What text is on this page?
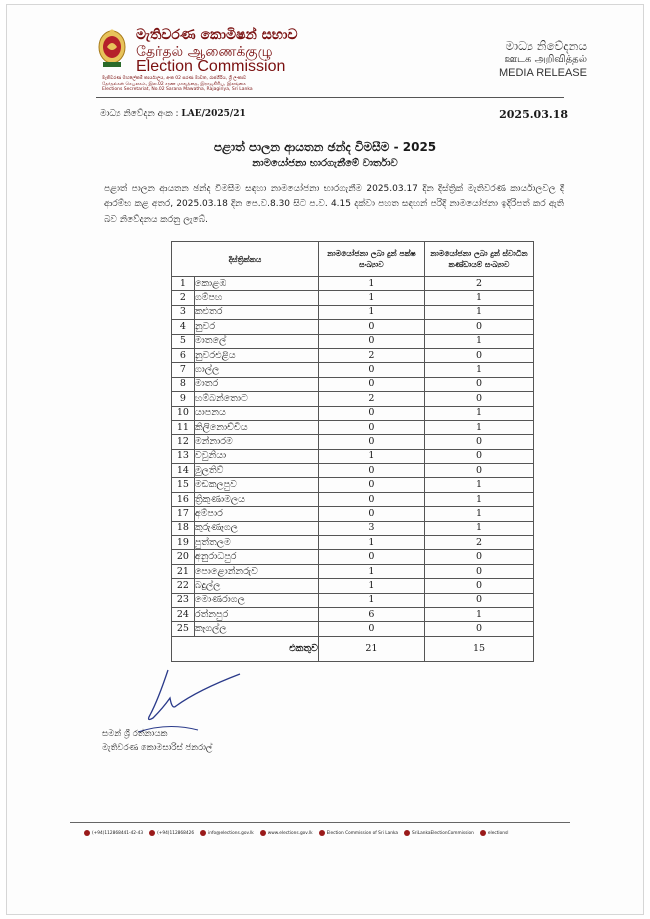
මැතිවරණ කොමිෂන් සභාව
தேர்தல் ஆணைக்குழு
Election Commission
මැතිවරණ මහලේකම් කාර්යාලය, අංක 02 සරණ මාවත, රාජගිරිය, ශ්‍රී ලංකාව
தேர்தல்கள் செயலகம், இல.02 சரண மாவத்தை, இராஜகிரிய, இலங்கை
Elections Secretariat, No.02 Sarana Mawatha, Rajagiriya, Sri Lanka
මාධ්‍ය නිවේදනය
ஊடக அறிவித்தல்
MEDIA RELEASE
මාධ්‍ය නිවේදන අංක : LAE/2025/21	2025.03.18
පළාත් පාලන ආයතන ඡන්ද විමසීම - 2025
නාමයෝජනා භාරගැනීමේ වාර්තාව
පළාත් පාලන ආයතන ඡන්ද විමසීම සඳහා නාමයෝජනා භාරගැනීම 2025.03.17 දින දිස්ත්‍රික් මැතිවරණ කාර්යාලවල දී ආරම්භ කළ අතර, 2025.03.18 දින පෙ.ව.8.30 සිට ප.ව. 4.15 දක්වා පහත සඳහන් පරිදි නාමයෝජනා ඉදිරිපත් කර ඇති බව නිවේදනය කරනු ලැබේ.
දිස්ත්‍රික්කය		නාමයෝජනා ලබා දුන් පක්ෂ සංඛ්‍යාව	නාමයෝජනා ලබා දුන් ස්වාධීන කණ්ඩායම් සංඛ්‍යාව
1	කොළඹ	1	2
2	ගම්පහ	1	1
3	කළුතර	1	1
4	නුවර	0	0
5	මාතලේ	0	1
6	නුවරඑළිය	2	0
7	ගාල්ල	0	1
8	මාතර	0	0
9	හම්බන්තොට	2	0
10	යාපනය	0	1
11	කිලිනොච්චිය	0	1
12	මන්නාරම	0	0
13	වවුනියා	1	0
14	මුලතිව්	0	0
15	මඩකලපුව	0	1
16	ත්‍රිකුණාමලය	0	1
17	අම්පාර	0	1
18	කුරුණෑගල	3	1
19	පුත්තලම	1	2
20	අනුරාධපුර	0	0
21	පොළොන්නරුව	1	0
22	බදුල්ල	1	0
23	මොණරාගල	1	0
24	රත්නපුර	6	1
25	කෑගල්ල	0	0
එකතුව		21	15
සමන් ශ්‍රී රත්නායක
මැතිවරණ කොමසාරිස් ජනරාල්
(+94)112868441-42-43	(+94)112868426	info@elections.gov.lk	www.elections.gov.lk	Election Commission of Sri Lanka	SriLankaElectionCommission	electionsl
